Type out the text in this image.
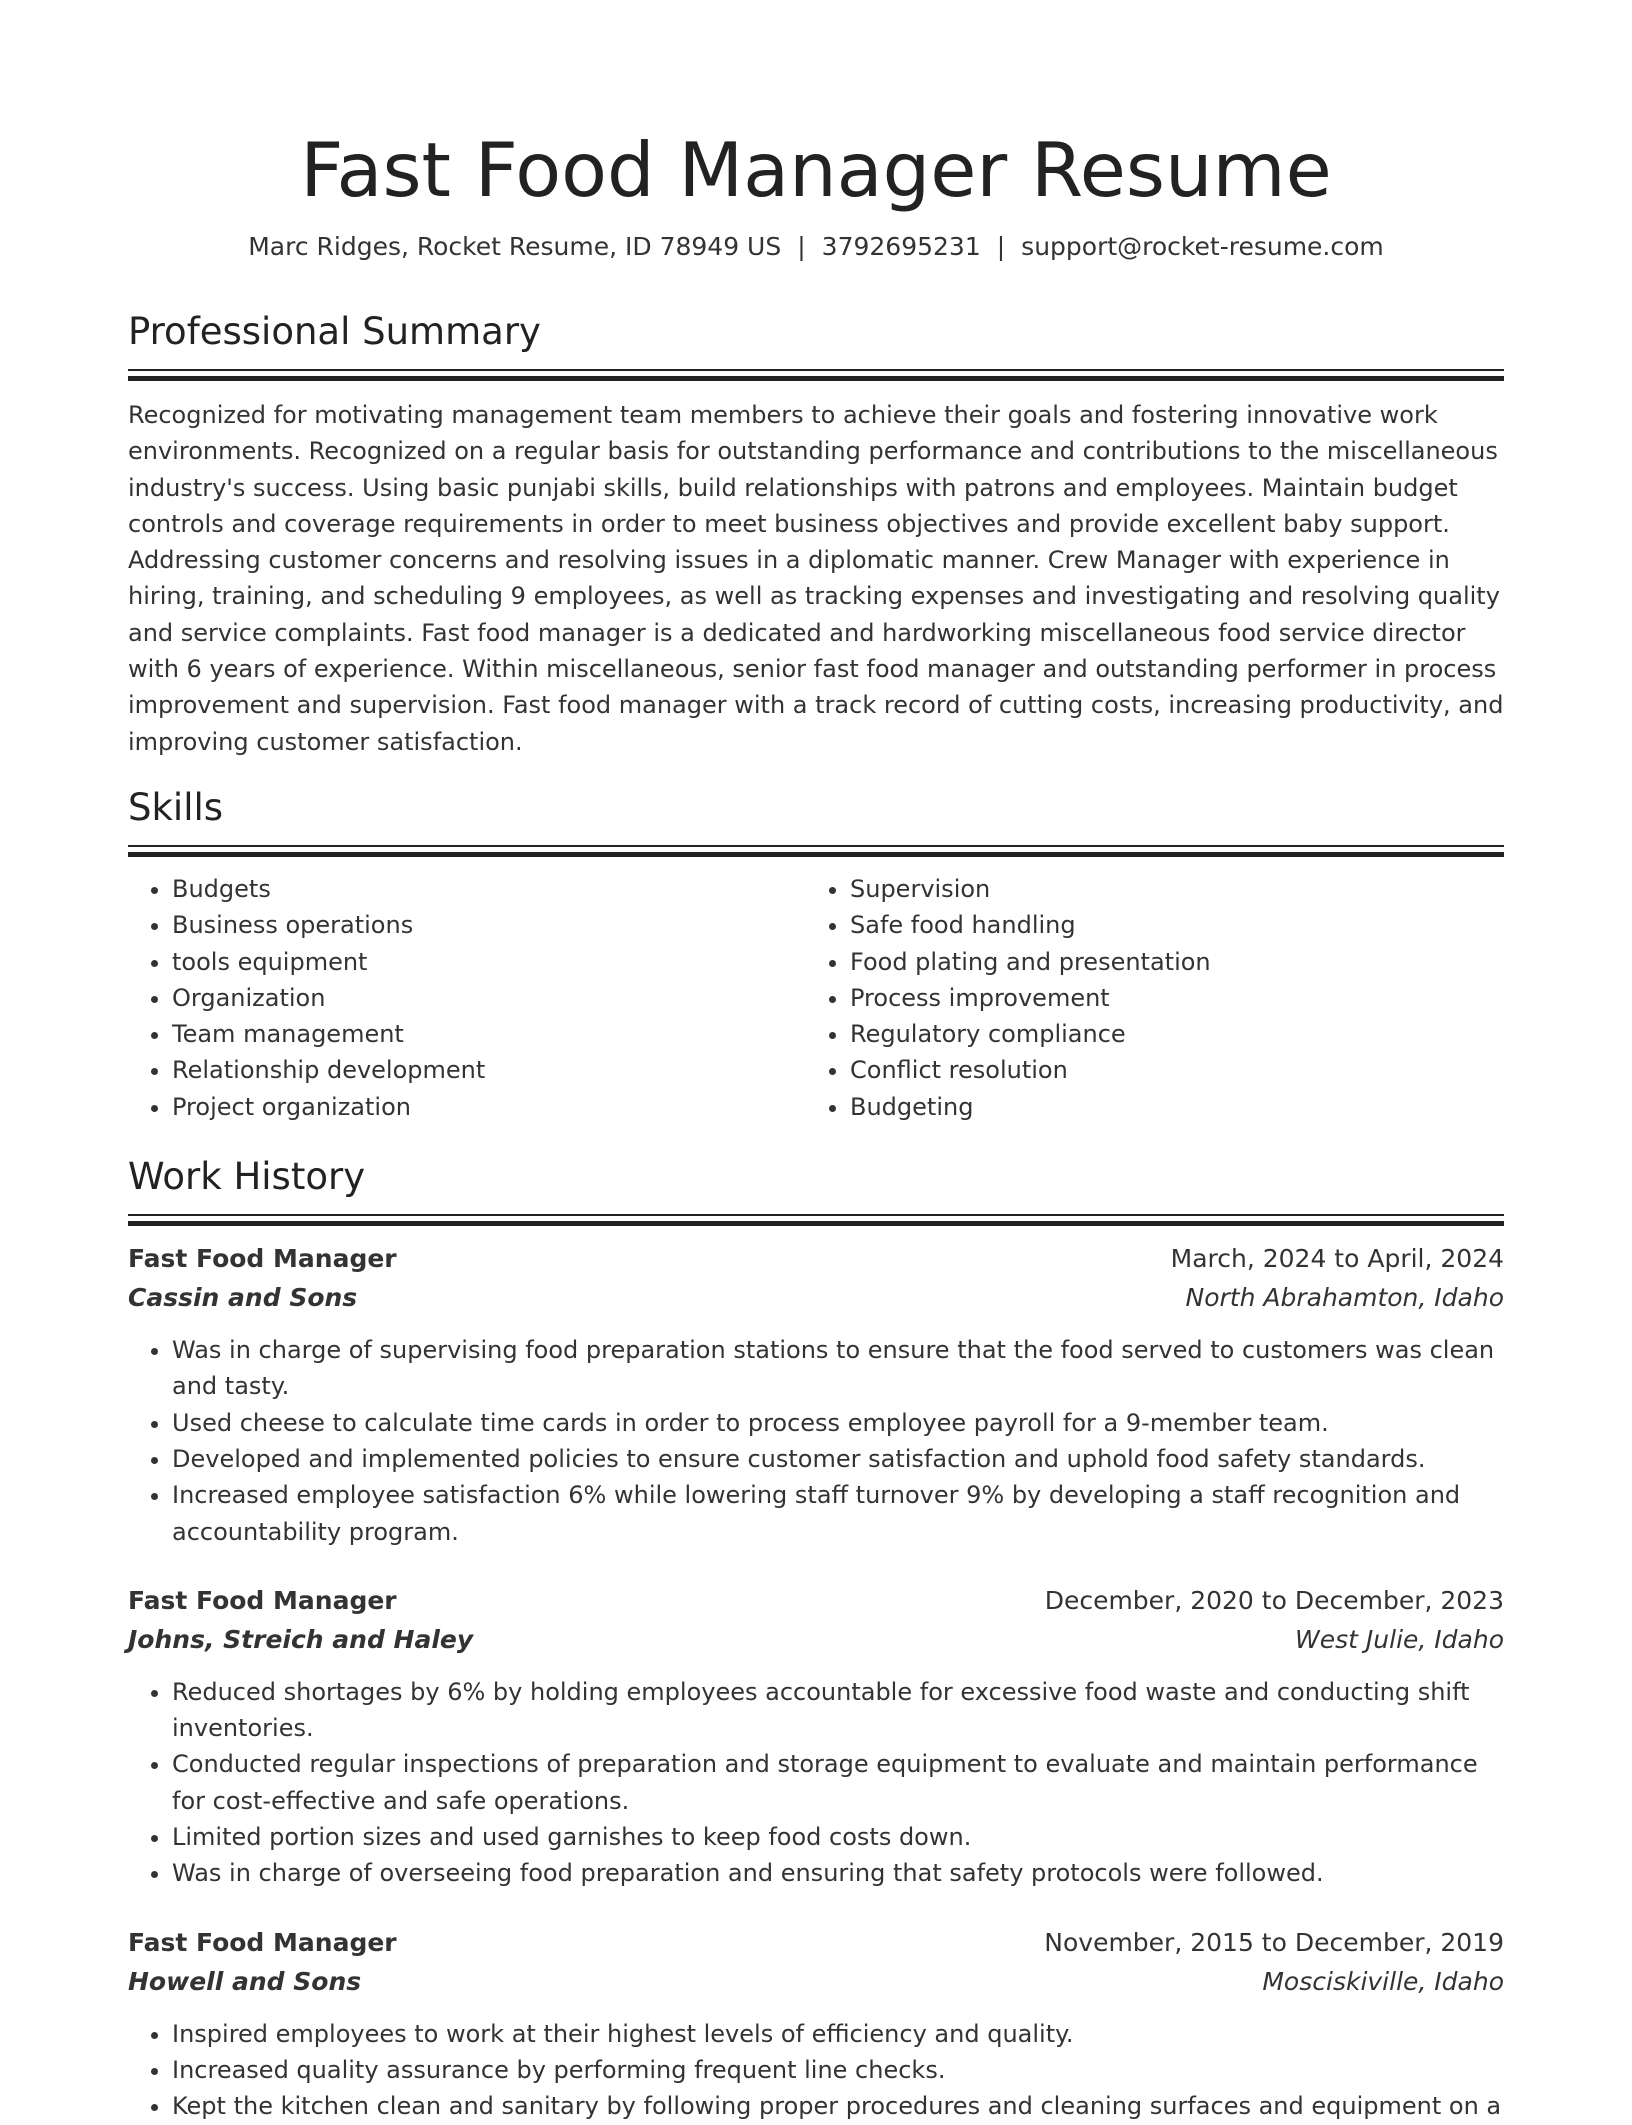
Fast Food Manager Resume
Marc Ridges, Rocket Resume, ID 78949 US | 3792695231 | support@rocket-resume.com
Professional Summary

Recognized for motivating management team members to achieve their goals and fostering innovative work environments. Recognized on a regular basis for outstanding performance and contributions to the miscellaneous industry's success. Using basic punjabi skills, build relationships with patrons and employees. Maintain budget controls and coverage requirements in order to meet business objectives and provide excellent baby support. Addressing customer concerns and resolving issues in a diplomatic manner. Crew Manager with experience in hiring, training, and scheduling 9 employees, as well as tracking expenses and investigating and resolving quality and service complaints. Fast food manager is a dedicated and hardworking miscellaneous food service director with 6 years of experience. Within miscellaneous, senior fast food manager and outstanding performer in process improvement and supervision. Fast food manager with a track record of cutting costs, increasing productivity, and improving customer satisfaction.

Skills
• Budgets
• Business operations
• tools equipment
• Organization
• Team management
• Relationship development
• Project organization
• Supervision
• Safe food handling
• Food plating and presentation
• Process improvement
• Regulatory compliance
• Conflict resolution
• Budgeting
Work History
Fast Food Manager	March, 2024 to April, 2024
Cassin and Sons	North Abrahamton, Idaho
• Was in charge of supervising food preparation stations to ensure that the food served to customers was clean and tasty.
• Used cheese to calculate time cards in order to process employee payroll for a 9-member team.
• Developed and implemented policies to ensure customer satisfaction and uphold food safety standards.
• Increased employee satisfaction 6% while lowering staff turnover 9% by developing a staff recognition and accountability program.
Fast Food Manager	December, 2020 to December, 2023
Johns, Streich and Haley	West Julie, Idaho
• Reduced shortages by 6% by holding employees accountable for excessive food waste and conducting shift inventories.
• Conducted regular inspections of preparation and storage equipment to evaluate and maintain performance for cost-effective and safe operations.
• Limited portion sizes and used garnishes to keep food costs down.
• Was in charge of overseeing food preparation and ensuring that safety protocols were followed.
Fast Food Manager	November, 2015 to December, 2019
Howell and Sons	Mosciskiville, Idaho
• Inspired employees to work at their highest levels of efficiency and quality.
• Increased quality assurance by performing frequent line checks.
• Kept the kitchen clean and sanitary by following proper procedures and cleaning surfaces and equipment on a
